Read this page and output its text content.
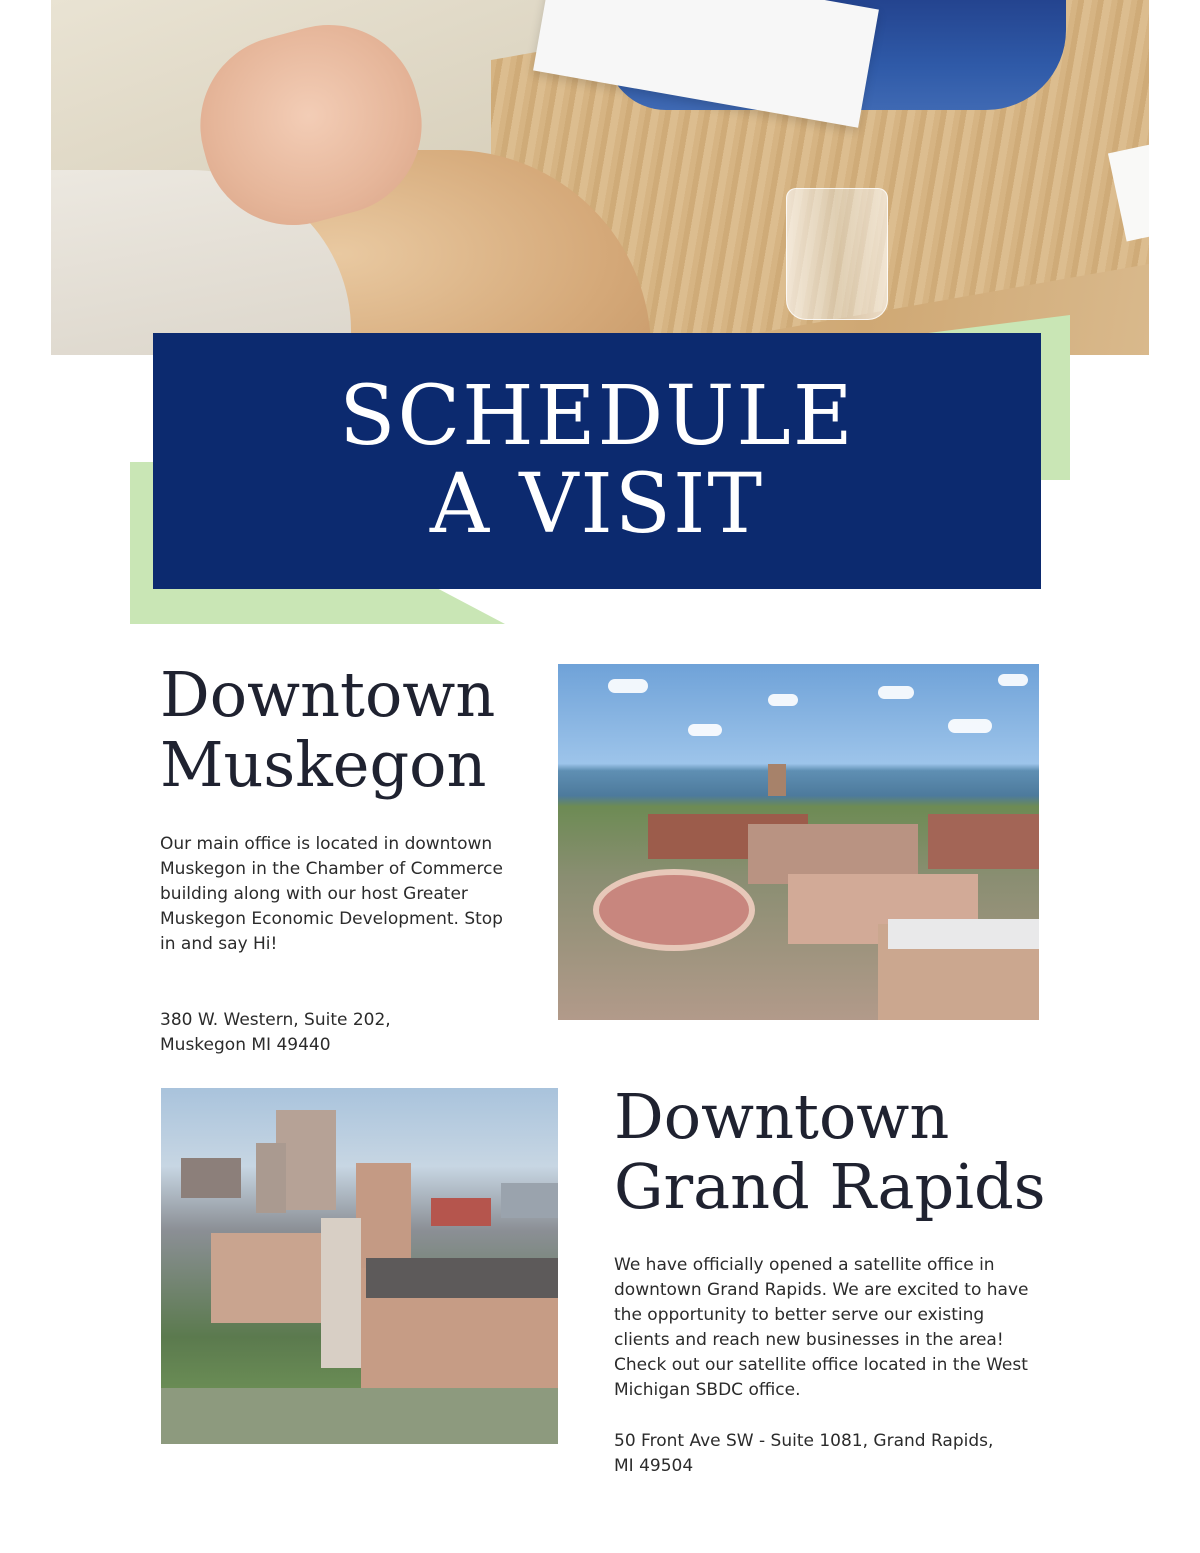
SCHEDULE
A VISIT
Downtown
Muskegon

Our main office is located in downtown Muskegon in the Chamber of Commerce building along with our host Greater Muskegon Economic Development. Stop in and say Hi!

380 W. Western, Suite 202,
Muskegon MI 49440

Downtown
Grand Rapids

We have officially opened a satellite office in downtown Grand Rapids. We are excited to have the opportunity to better serve our existing clients and reach new businesses in the area! Check out our satellite office located in the West Michigan SBDC office.

50 Front Ave SW - Suite 1081, Grand Rapids,
MI 49504
